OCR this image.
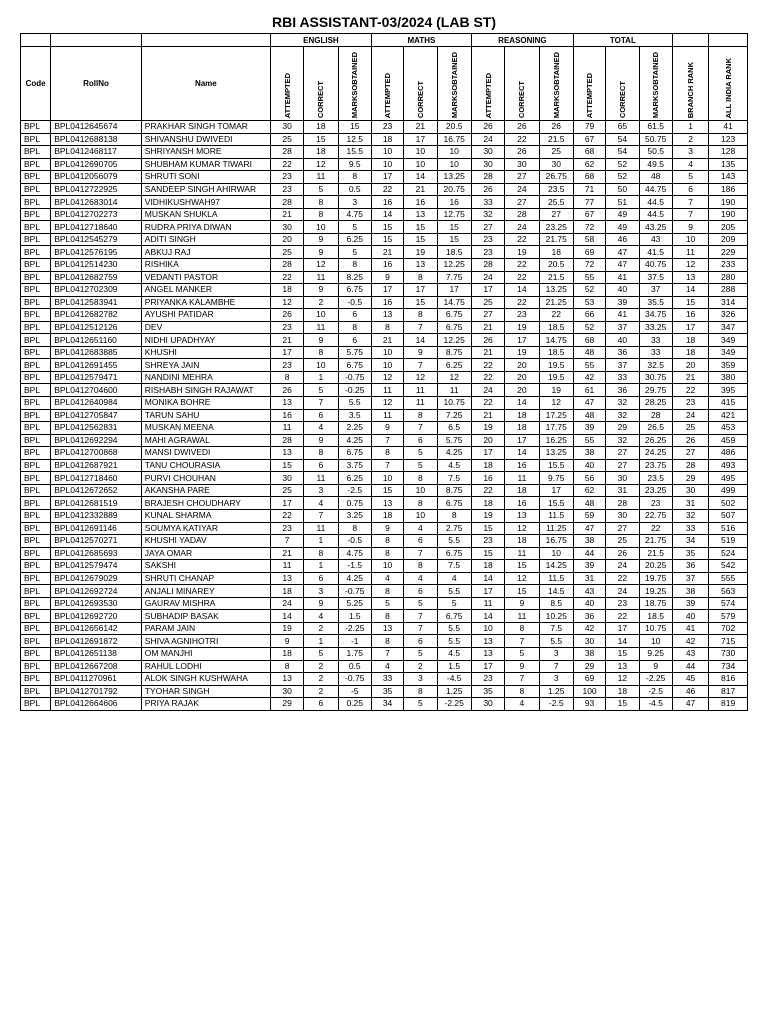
RBI ASSISTANT-03/2024 (LAB ST)
			ENGLISH			MATHS			REASONING			TOTAL				
Code	RollNo	Name	ATTEMPTED	CORRECT	MARKSOBTAINED	ATTEMPTED	CORRECT	MARKSOBTAINED	ATTEMPTED	CORRECT	MARKSOBTAINED	ATTEMPTED	CORRECT	MARKSOBTAINED	BRANCH RANK	ALL INDIA RANK
BPL	BPL0412645674	PRAKHAR SINGH TOMAR	30	18	15	23	21	20.5	26	26	26	79	65	61.5	1	41
BPL	BPL0412688138	SHIVANSHU DWIVEDI	25	15	12.5	18	17	16.75	24	22	21.5	67	54	50.75	2	123
BPL	BPL0412468117	SHRIYANSH MORE	28	18	15.5	10	10	10	30	26	25	68	54	50.5	3	128
BPL	BPL0412690705	SHUBHAM KUMAR TIWARI	22	12	9.5	10	10	10	30	30	30	62	52	49.5	4	135
BPL	BPL0412056079	SHRUTI SONI	23	11	8	17	14	13.25	28	27	26.75	68	52	48	5	143
BPL	BPL0412722925	SANDEEP SINGH AHIRWAR	23	5	0.5	22	21	20.75	26	24	23.5	71	50	44.75	6	186
BPL	BPL0412683014	VIDHIKUSHWAH97	28	8	3	16	16	16	33	27	25.5	77	51	44.5	7	190
BPL	BPL0412702273	MUSKAN SHUKLA	21	8	4.75	14	13	12.75	32	28	27	67	49	44.5	7	190
BPL	BPL0412718640	RUDRA PRIYA DIWAN	30	10	5	15	15	15	27	24	23.25	72	49	43.25	9	205
BPL	BPL0412545279	ADITI SINGH	20	9	6.25	15	15	15	23	22	21.75	58	46	43	10	209
BPL	BPL0412576195	ABKUJ RAJ	25	9	5	21	19	18.5	23	19	18	69	47	41.5	11	229
BPL	BPL0412514230	RISHIKA	28	12	8	16	13	12.25	28	22	20.5	72	47	40.75	12	233
BPL	BPL0412682759	VEDANTI PASTOR	22	11	8.25	9	8	7.75	24	22	21.5	55	41	37.5	13	280
BPL	BPL0412702309	ANGEL MANKER	18	9	6.75	17	17	17	17	14	13.25	52	40	37	14	288
BPL	BPL0412583941	PRIYANKA KALAMBHE	12	2	-0.5	16	15	14.75	25	22	21.25	53	39	35.5	15	314
BPL	BPL0412682782	AYUSHI PATIDAR	26	10	6	13	8	6.75	27	23	22	66	41	34.75	16	326
BPL	BPL0412512126	DEV	23	11	8	8	7	6.75	21	19	18.5	52	37	33.25	17	347
BPL	BPL0412651160	NIDHI UPADHYAY	21	9	6	21	14	12.25	26	17	14.75	68	40	33	18	349
BPL	BPL0412683885	KHUSHI	17	8	5.75	10	9	8.75	21	19	18.5	48	36	33	18	349
BPL	BPL0412691455	SHREYA JAIN	23	10	6.75	10	7	6.25	22	20	19.5	55	37	32.5	20	359
BPL	BPL0412579471	NANDINI MEHRA	8	1	-0.75	12	12	12	22	20	19.5	42	33	30.75	21	380
BPL	BPL0412704600	RISHABH SINGH RAJAWAT	26	5	-0.25	11	11	11	24	20	19	61	36	29.75	22	395
BPL	BPL0412640984	MONIKA BOHRE	13	7	5.5	12	11	10.75	22	14	12	47	32	28.25	23	415
BPL	BPL0412705847	TARUN SAHU	16	6	3.5	11	8	7.25	21	18	17.25	48	32	28	24	421
BPL	BPL0412562831	MUSKAN MEENA	11	4	2.25	9	7	6.5	19	18	17.75	39	29	26.5	25	453
BPL	BPL0412692294	MAHI AGRAWAL	28	9	4.25	7	6	5.75	20	17	16.25	55	32	26.25	26	459
BPL	BPL0412700868	MANSI DWIVEDI	13	8	6.75	8	5	4.25	17	14	13.25	38	27	24.25	27	486
BPL	BPL0412687921	TANU CHOURASIA	15	6	3.75	7	5	4.5	18	16	15.5	40	27	23.75	28	493
BPL	BPL0412718460	PURVI CHOUHAN	30	11	6.25	10	8	7.5	16	11	9.75	56	30	23.5	29	495
BPL	BPL0412672652	AKANSHA PARE	25	3	-2.5	15	10	8.75	22	18	17	62	31	23.25	30	499
BPL	BPL0412681519	BRAJESH CHOUDHARY	17	4	0.75	13	8	6.75	18	16	15.5	48	28	23	31	502
BPL	BPL0412332889	KUNAL SHARMA	22	7	3.25	18	10	8	19	13	11.5	59	30	22.75	32	507
BPL	BPL0412691146	SOUMYA KATIYAR	23	11	8	9	4	2.75	15	12	11.25	47	27	22	33	516
BPL	BPL0412570271	KHUSHI YADAV	7	1	-0.5	8	6	5.5	23	18	16.75	38	25	21.75	34	519
BPL	BPL0412685693	JAYA OMAR	21	8	4.75	8	7	6.75	15	11	10	44	26	21.5	35	524
BPL	BPL0412579474	SAKSHI	11	1	-1.5	10	8	7.5	18	15	14.25	39	24	20.25	36	542
BPL	BPL0412679029	SHRUTI CHANAP	13	6	4.25	4	4	4	14	12	11.5	31	22	19.75	37	555
BPL	BPL0412692724	ANJALI MINAREY	18	3	-0.75	8	6	5.5	17	15	14.5	43	24	19.25	38	563
BPL	BPL0412693530	GAURAV MISHRA	24	9	5.25	5	5	5	11	9	8.5	40	23	18.75	39	574
BPL	BPL0412692720	SUBHADIP BASAK	14	4	1.5	8	7	6.75	14	11	10.25	36	22	18.5	40	579
BPL	BPL0412656142	PARAM JAIN	19	2	-2.25	13	7	5.5	10	8	7.5	42	17	10.75	41	702
BPL	BPL0412691872	SHIVA AGNIHOTRI	9	1	-1	8	6	5.5	13	7	5.5	30	14	10	42	715
BPL	BPL0412651138	OM MANJHI	18	5	1.75	7	5	4.5	13	5	3	38	15	9.25	43	730
BPL	BPL0412667208	RAHUL LODHI	8	2	0.5	4	2	1.5	17	9	7	29	13	9	44	734
BPL	BPL0411270961	ALOK SINGH KUSHWAHA	13	2	-0.75	33	3	-4.5	23	7	3	69	12	-2.25	45	816
BPL	BPL0412701792	TYOHAR SINGH	30	2	-5	35	8	1.25	35	8	1.25	100	18	-2.5	46	817
BPL	BPL0412664606	PRIYA RAJAK	29	6	0.25	34	5	-2.25	30	4	-2.5	93	15	-4.5	47	819
